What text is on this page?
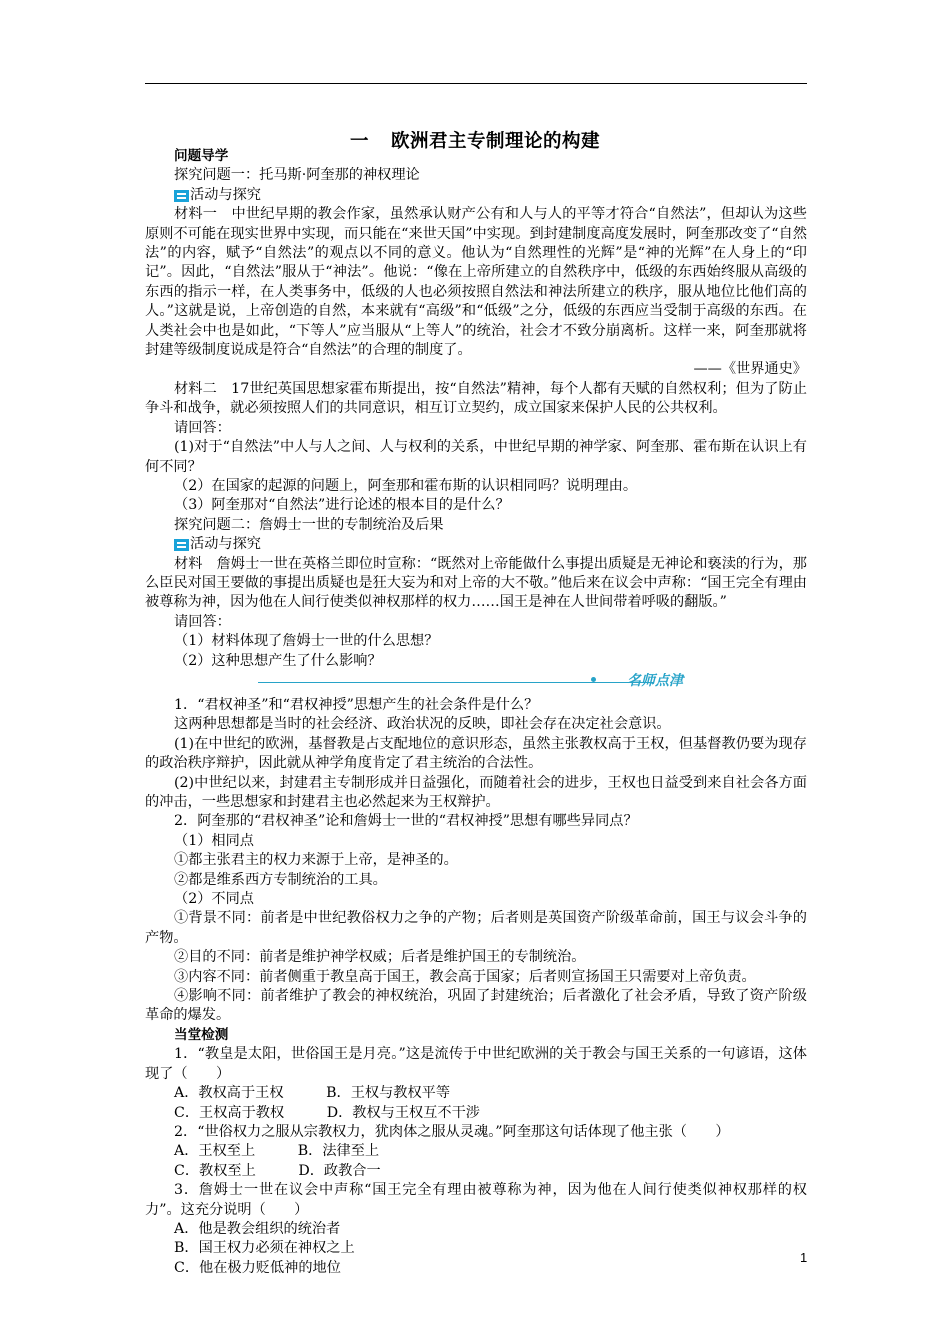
一 欧洲君主专制理论的构建

问题导学

探究问题一：托马斯·阿奎那的神权理论

活动与探究

材料一　中世纪早期的教会作家，虽然承认财产公有和人与人的平等才符合“自然法”，但却认为这些原则不可能在现实世界中实现，而只能在“来世天国”中实现。到封建制度高度发展时，阿奎那改变了“自然法”的内容，赋予“自然法”的观点以不同的意义。他认为“自然理性的光辉”是“神的光辉”在人身上的“印记”。因此，“自然法”服从于“神法”。他说：“像在上帝所建立的自然秩序中，低级的东西始终服从高级的东西的指示一样，在人类事务中，低级的人也必须按照自然法和神法所建立的秩序，服从地位比他们高的人。”这就是说，上帝创造的自然，本来就有“高级”和“低级”之分，低级的东西应当受制于高级的东西。在人类社会中也是如此，“下等人”应当服从“上等人”的统治，社会才不致分崩离析。这样一来，阿奎那就将封建等级制度说成是符合“自然法”的合理的制度了。

——《世界通史》

材料二　17世纪英国思想家霍布斯提出，按“自然法”精神，每个人都有天赋的自然权利；但为了防止争斗和战争，就必须按照人们的共同意识，相互订立契约，成立国家来保护人民的公共权利。

请回答：

(1)对于“自然法”中人与人之间、人与权利的关系，中世纪早期的神学家、阿奎那、霍布斯在认识上有何不同？

（2）在国家的起源的问题上，阿奎那和霍布斯的认识相同吗？说明理由。

（3）阿奎那对“自然法”进行论述的根本目的是什么？

探究问题二：詹姆士一世的专制统治及后果

活动与探究

材料　詹姆士一世在英格兰即位时宣称：“既然对上帝能做什么事提出质疑是无神论和亵渎的行为，那么臣民对国王要做的事提出质疑也是狂大妄为和对上帝的大不敬。”他后来在议会中声称：“国王完全有理由被尊称为神，因为他在人间行使类似神权那样的权力……国王是神在人世间带着呼吸的翻版。”

请回答：

（1）材料体现了詹姆士一世的什么思想？

（2）这种思想产生了什么影响？

名师点津

1．“君权神圣”和“君权神授”思想产生的社会条件是什么？

这两种思想都是当时的社会经济、政治状况的反映，即社会存在决定社会意识。

(1)在中世纪的欧洲，基督教是占支配地位的意识形态，虽然主张教权高于王权，但基督教仍要为现存的政治秩序辩护，因此就从神学角度肯定了君主统治的合法性。

(2)中世纪以来，封建君主专制形成并日益强化，而随着社会的进步，王权也日益受到来自社会各方面的冲击，一些思想家和封建君主也必然起来为王权辩护。

2．阿奎那的“君权神圣”论和詹姆士一世的“君权神授”思想有哪些异同点？

（1）相同点

①都主张君主的权力来源于上帝，是神圣的。

②都是维系西方专制统治的工具。

（2）不同点

①背景不同：前者是中世纪教俗权力之争的产物；后者则是英国资产阶级革命前，国王与议会斗争的产物。

②目的不同：前者是维护神学权威；后者是维护国王的专制统治。

③内容不同：前者侧重于教皇高于国王，教会高于国家；后者则宣扬国王只需要对上帝负责。

④影响不同：前者维护了教会的神权统治，巩固了封建统治；后者激化了社会矛盾，导致了资产阶级革命的爆发。

当堂检测

1．“教皇是太阳，世俗国王是月亮。”这是流传于中世纪欧洲的关于教会与国王关系的一句谚语，这体现了（　　）

A．教权高于王权　　　B．王权与教权平等

C．王权高于教权　　　D．教权与王权互不干涉

2．“世俗权力之服从宗教权力，犹肉体之服从灵魂。”阿奎那这句话体现了他主张（　　）

A．王权至上　　　B．法律至上

C．教权至上　　　D．政教合一

3．詹姆士一世在议会中声称“国王完全有理由被尊称为神，因为他在人间行使类似神权那样的权力”。这充分说明（　　）

A．他是教会组织的统治者

B．国王权力必须在神权之上

C．他在极力贬低神的地位

1
